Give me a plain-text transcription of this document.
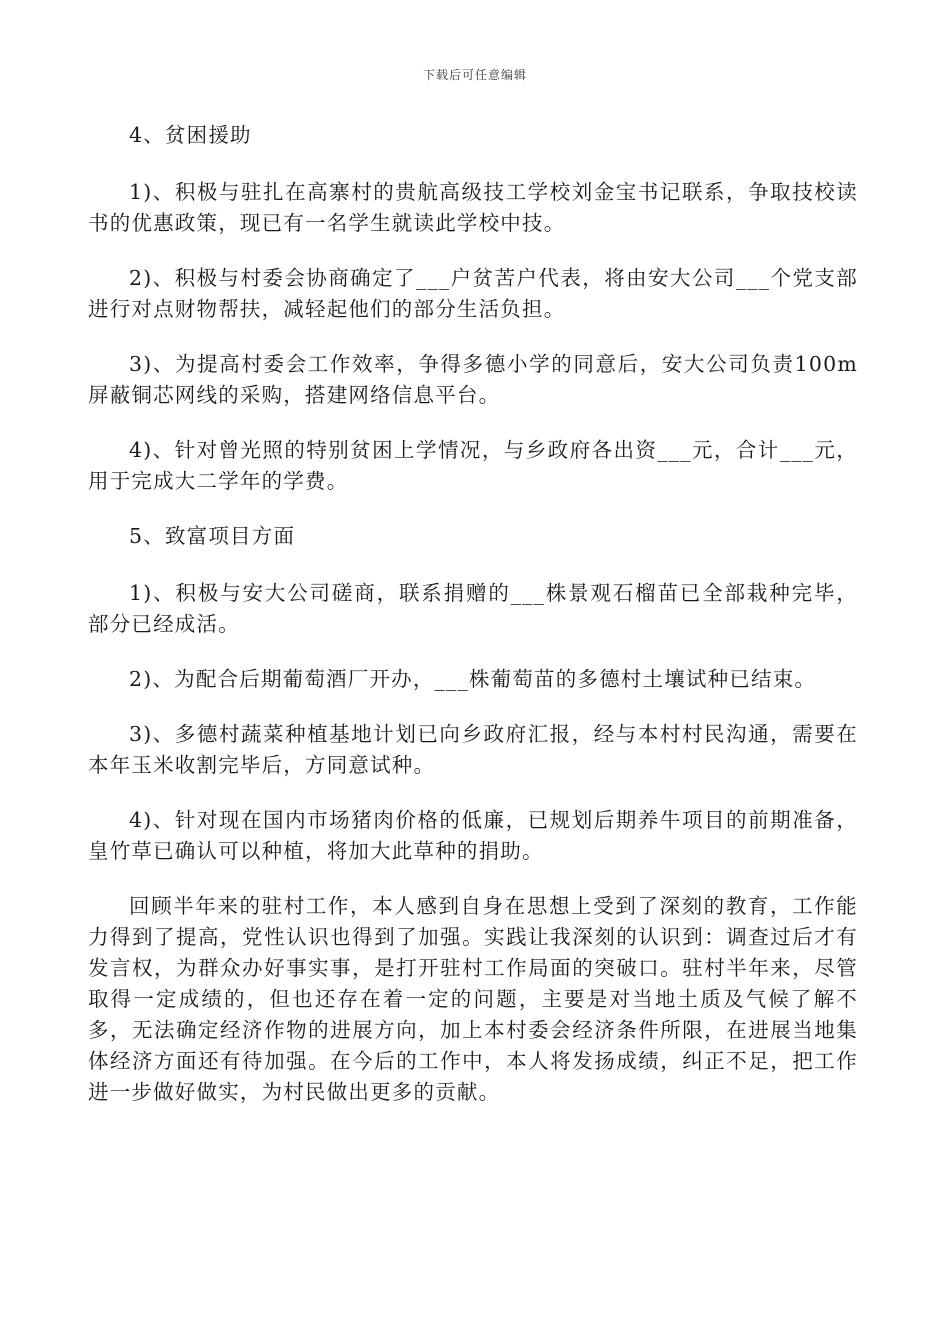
下载后可任意编辑

4、贫困援助

1)、积极与驻扎在高寨村的贵航高级技工学校刘金宝书记联系，争取技校读书的优惠政策，现已有一名学生就读此学校中技。

2)、积极与村委会协商确定了___户贫苦户代表，将由安大公司___个党支部进行对点财物帮扶，减轻起他们的部分生活负担。

3)、为提高村委会工作效率，争得多德小学的同意后，安大公司负责100m屏蔽铜芯网线的采购，搭建网络信息平台。

4)、针对曾光照的特别贫困上学情况，与乡政府各出资___元，合计___元，用于完成大二学年的学费。

5、致富项目方面

1)、积极与安大公司磋商，联系捐赠的___株景观石榴苗已全部栽种完毕，部分已经成活。

2)、为配合后期葡萄酒厂开办，___株葡萄苗的多德村土壤试种已结束。

3)、多德村蔬菜种植基地计划已向乡政府汇报，经与本村村民沟通，需要在本年玉米收割完毕后，方同意试种。

4)、针对现在国内市场猪肉价格的低廉，已规划后期养牛项目的前期准备，皇竹草已确认可以种植，将加大此草种的捐助。

回顾半年来的驻村工作，本人感到自身在思想上受到了深刻的教育，工作能力得到了提高，党性认识也得到了加强。实践让我深刻的认识到：调查过后才有发言权，为群众办好事实事，是打开驻村工作局面的突破口。驻村半年来，尽管取得一定成绩的，但也还存在着一定的问题，主要是对当地土质及气候了解不多，无法确定经济作物的进展方向，加上本村委会经济条件所限，在进展当地集体经济方面还有待加强。在今后的工作中，本人将发扬成绩，纠正不足，把工作进一步做好做实，为村民做出更多的贡献。
